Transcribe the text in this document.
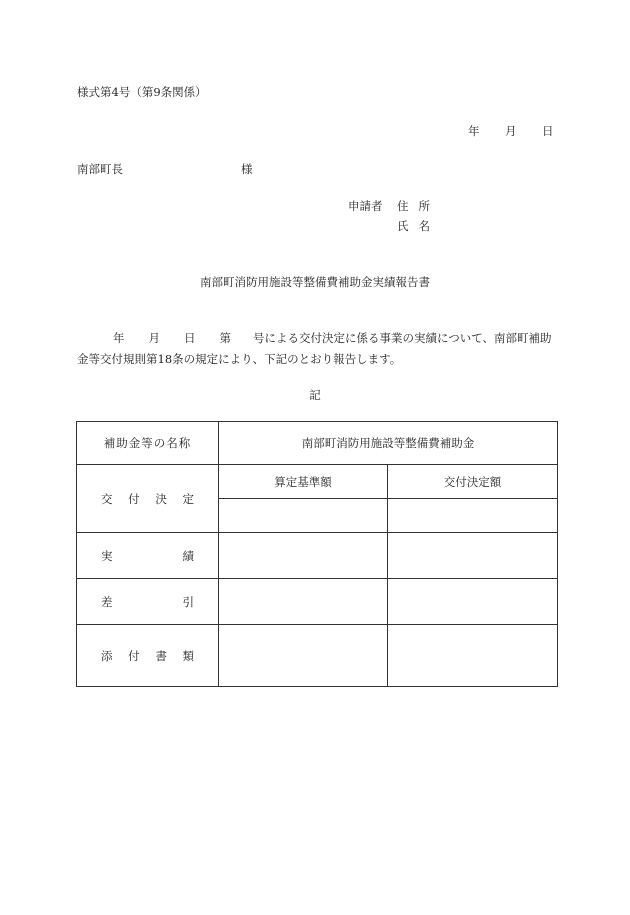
様式第4号（第9条関係）
年 月 日
南部町長	様
申請者 住所
氏名
南部町消防用施設等整備費補助金実績報告書
年 月 日 第 号による交付決定に係る事業の実績について、南部町補助金等交付規則第18条の規定により、下記のとおり報告します。
記
補助金等の名称	南部町消防用施設等整備費補助金	

交 付 決 定	算定基準額	交付決定額

実 績		

差 引		

添 付 書 類		
